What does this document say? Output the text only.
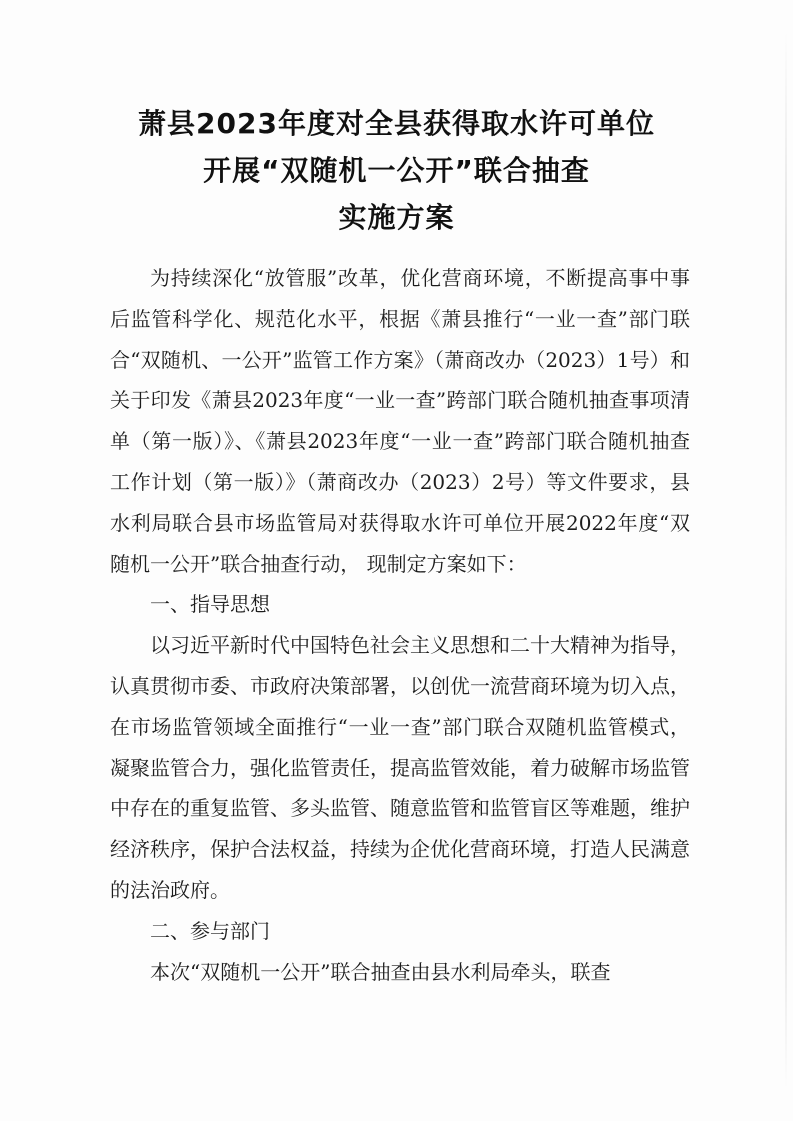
萧县2023年度对全县获得取水许可单位
开展“双随机一公开”联合抽查
实施方案

为持续深化“放管服”改革，优化营商环境，不断提高事中事后监管科学化、规范化水平，根据《萧县推行“一业一查”部门联合“双随机、一公开”监管工作方案》（萧商改办（2023）1号）和关于印发《萧县2023年度“一业一查”跨部门联合随机抽查事项清单（第一版）》、《萧县2023年度“一业一查”跨部门联合随机抽查工作计划（第一版）》（萧商改办（2023）2号）等文件要求，县水利局联合县市场监管局对获得取水许可单位开展2022年度“双随机一公开”联合抽查行动， 现制定方案如下：

一、指导思想

以习近平新时代中国特色社会主义思想和二十大精神为指导，认真贯彻市委、市政府决策部署，以创优一流营商环境为切入点，在市场监管领域全面推行“一业一查”部门联合双随机监管模式，凝聚监管合力，强化监管责任，提高监管效能，着力破解市场监管中存在的重复监管、多头监管、随意监管和监管盲区等难题，维护经济秩序，保护合法权益，持续为企优化营商环境，打造人民满意的法治政府。

二、参与部门

本次“双随机一公开”联合抽查由县水利局牵头，联查
